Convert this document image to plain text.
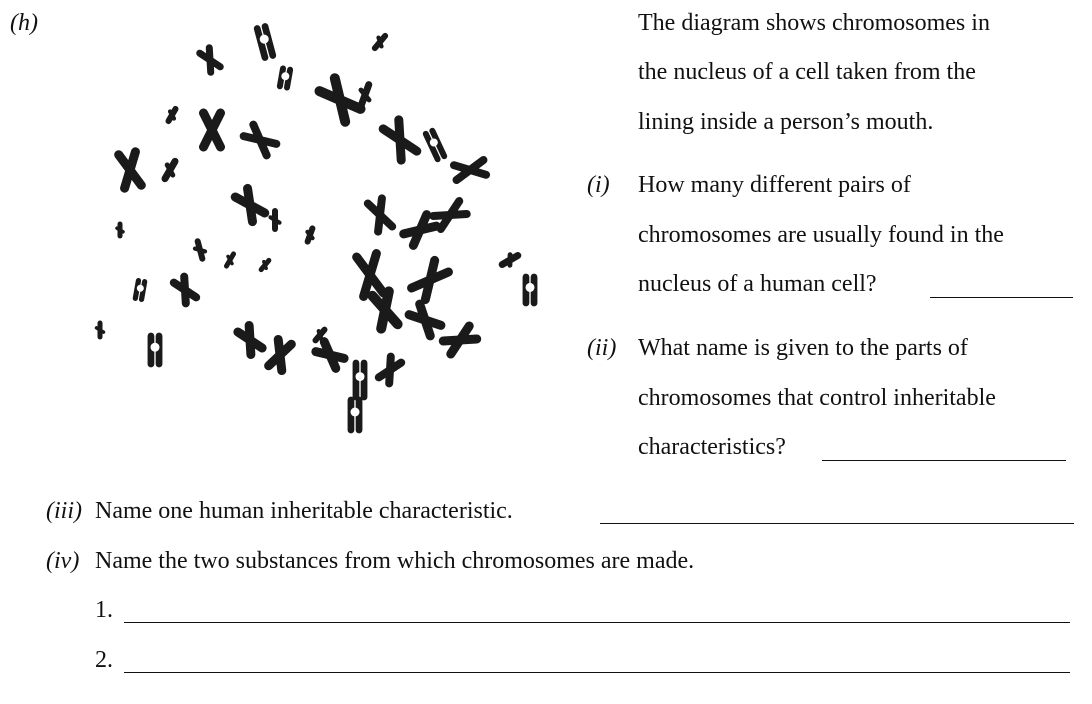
(h)	The diagram shows chromosomes in
the nucleus of a cell taken from the
lining inside a person’s mouth.
(i) How many different pairs of
chromosomes are usually found in the
nucleus of a human cell?
(ii) What name is given to the parts of
chromosomes that control inheritable
characteristics?
(iii) Name one human inheritable characteristic.
(iv) Name the two substances from which chromosomes are made.
1.
2.
